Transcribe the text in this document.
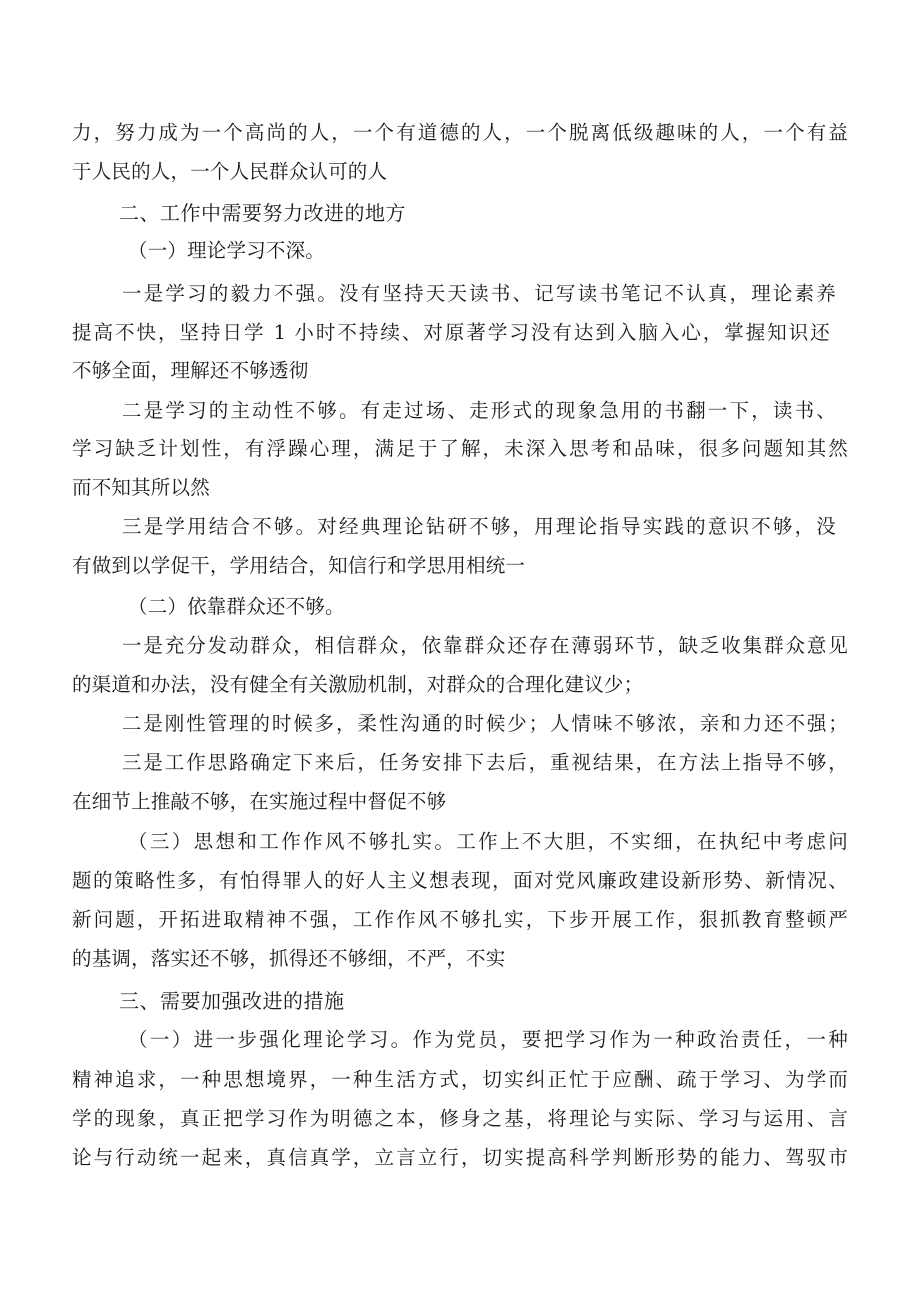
力，努力成为一个高尚的人，一个有道德的人，一个脱离低级趣味的人，一个有益
于人民的人，一个人民群众认可的人
二、工作中需要努力改进的地方
（一）理论学习不深。
一是学习的毅力不强。没有坚持天天读书、记写读书笔记不认真，理论素养
提高不快，坚持日学 1 小时不持续、对原著学习没有达到入脑入心，掌握知识还
不够全面，理解还不够透彻
二是学习的主动性不够。有走过场、走形式的现象急用的书翻一下，读书、
学习缺乏计划性，有浮躁心理，满足于了解，未深入思考和品味，很多问题知其然
而不知其所以然
三是学用结合不够。对经典理论钻研不够，用理论指导实践的意识不够，没
有做到以学促干，学用结合，知信行和学思用相统一
（二）依靠群众还不够。
一是充分发动群众，相信群众，依靠群众还存在薄弱环节，缺乏收集群众意见
的渠道和办法，没有健全有关激励机制，对群众的合理化建议少；
二是刚性管理的时候多，柔性沟通的时候少；人情味不够浓，亲和力还不强；
三是工作思路确定下来后，任务安排下去后，重视结果，在方法上指导不够，
在细节上推敲不够，在实施过程中督促不够
（三）思想和工作作风不够扎实。工作上不大胆，不实细，在执纪中考虑问
题的策略性多，有怕得罪人的好人主义想表现，面对党风廉政建设新形势、新情况、
新问题，开拓进取精神不强，工作作风不够扎实，下步开展工作，狠抓教育整顿严
的基调，落实还不够，抓得还不够细，不严，不实
三、需要加强改进的措施
（一）进一步强化理论学习。作为党员，要把学习作为一种政治责任，一种
精神追求，一种思想境界，一种生活方式，切实纠正忙于应酬、疏于学习、为学而
学的现象，真正把学习作为明德之本，修身之基，将理论与实际、学习与运用、言
论与行动统一起来，真信真学，立言立行，切实提高科学判断形势的能力、驾驭市
